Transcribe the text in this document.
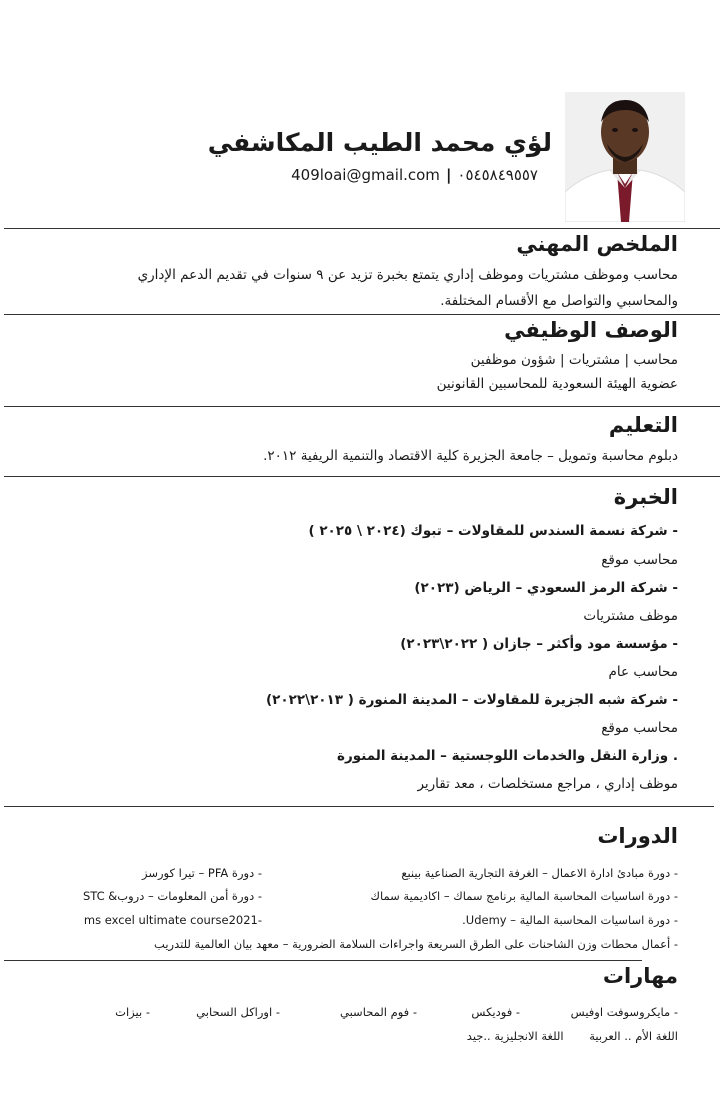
لؤي محمد الطيب المكاشفي
٠٥٤٥٨٤٩٥٥٧|409loai@gmail.com
الملخص المهني
محاسب وموظف مشتريات وموظف إداري يتمتع بخبرة تزيد عن ٩ سنوات في تقديم الدعم الإداري
والمحاسبي والتواصل مع الأقسام المختلفة.
الوصف الوظيفي
محاسب | مشتريات | شؤون موظفين
عضوية الهيئة السعودية للمحاسبين القانونين
التعليم
دبلوم محاسبة وتمويل – جامعة الجزيرة كلية الاقتصاد والتنمية الريفية ٢٠١٢.
الخبرة
- شركة نسمة السندس للمقاولات – تبوك (٢٠٢٤ \ ٢٠٢٥ )
محاسب موقع
- شركة الرمز السعودي – الرياض (٢٠٢٣)
موظف مشتريات
- مؤسسة مود وأكثر – جازان ( ٢٠٢٢\٢٠٢٣)
محاسب عام
- شركة شبه الجزيرة للمقاولات – المدينة المنورة ( ٢٠١٣\٢٠٢٢)
محاسب موقع
. وزارة النقل والخدمات اللوجستية – المدينة المنورة
موظف إداري ، مراجع مستخلصات ، معد تقارير
الدورات
- دورة مبادئ ادارة الاعمال – الغرفة التجارية الصناعية بينبع
- دورة PFA – تيرا كورسز
- دورة اساسيات المحاسبة المالية برنامج سماك – اكاديمية سماك
- دورة أمن المعلومات – دروب& STC
- دورة اساسيات المحاسبة المالية – Udemy.
-ms excel ultimate course2021
- أعمال محطات وزن الشاحنات على الطرق السريعة واجراءات السلامة الضرورية – معهد بيان العالمية للتدريب
مهارات
- مايكروسوفت اوفيس
- فوديكس
- فوم المحاسبي
- اوراكل السحابي
- بيزات
اللغة الأم .. العربية       اللغة الانجليزية ..جيد
